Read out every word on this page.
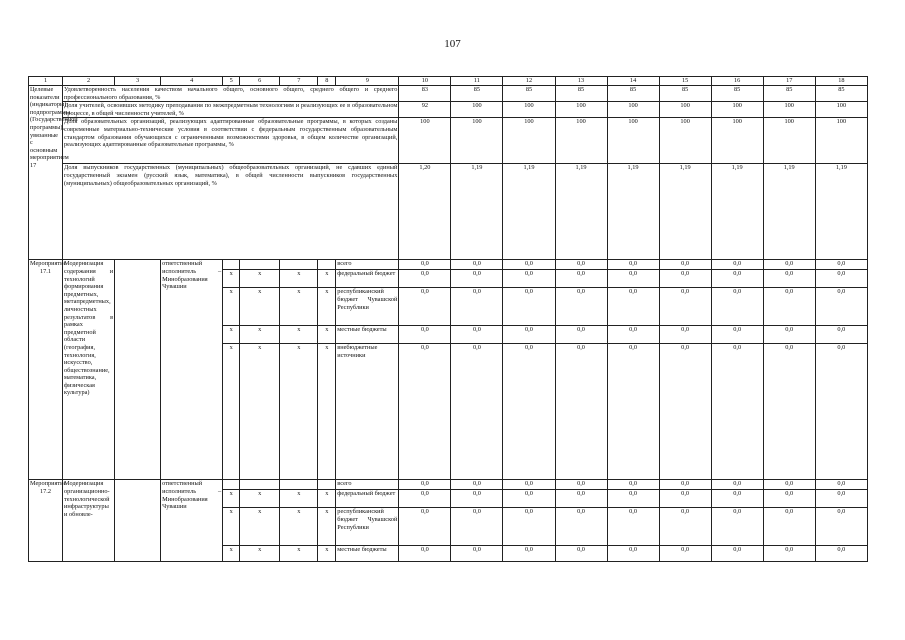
107
1	2	3	4	5	6	7	8	9	10	11	12	13	14	15	16	17	18
Целевые показатели (индикаторы) подпрограммы (Государственной программы), увязанные с основным мероприятием 17	Удовлетворенность населения качеством начального общего, основного общего, среднего общего и среднего профессионального образования, %								83	85	85	85	85	85	85	85	85
	Доля учителей, освоивших методику преподавания по межпредметным технологиям и реализующих ее в образовательном процессе, в общей численности учителей, %								92	100	100	100	100	100	100	100	100
	Доля образовательных организаций, реализующих адаптированные образовательные программы, в которых созданы современные материально-технические условия в соответствии с федеральным государственным образовательным стандартом образования обучающихся с ограниченными возможностями здоровья, в общем количестве организаций, реализующих адаптированные образовательные программы, %								100	100	100	100	100	100	100	100	100
	Доля выпускников государственных (муниципальных) общеобразовательных организаций, не сдавших единый государственный экзамен (русский язык, математика), в общей численности выпускников государственных (муниципальных) общеобразовательных организаций, %								1,20	1,19	1,19	1,19	1,19	1,19	1,19	1,19	1,19
Мероприятие 17.1	Модернизация содержания и технологий формирования предметных, метапредметных, личностных результатов в рамках предметной области (география, технология, искусство, обществознание, математика, физическая культура)		ответственный исполнитель – Минобразования Чувашии					всего	0,0	0,0	0,0	0,0	0,0	0,0	0,0	0,0	0,0
				x	x	x	x	федеральный бюджет	0,0	0,0	0,0	0,0	0,0	0,0	0,0	0,0	0,0
				x	x	x	x	республиканский бюджет Чувашской Республики	0,0	0,0	0,0	0,0	0,0	0,0	0,0	0,0	0,0
				x	x	x	x	местные бюджеты	0,0	0,0	0,0	0,0	0,0	0,0	0,0	0,0	0,0
				x	x	x	x	внебюджетные источники	0,0	0,0	0,0	0,0	0,0	0,0	0,0	0,0	0,0
Мероприятие 17.2	Модернизация организационно-технологической инфраструктуры и обновле-		ответственный исполнитель – Минобразования Чувашии					всего	0,0	0,0	0,0	0,0	0,0	0,0	0,0	0,0	0,0
				x	x	x	x	федеральный бюджет	0,0	0,0	0,0	0,0	0,0	0,0	0,0	0,0	0,0
				x	x	x	x	республиканский бюджет Чувашской Республики	0,0	0,0	0,0	0,0	0,0	0,0	0,0	0,0	0,0
				x	x	x	x	местные бюджеты	0,0	0,0	0,0	0,0	0,0	0,0	0,0	0,0	0,0
